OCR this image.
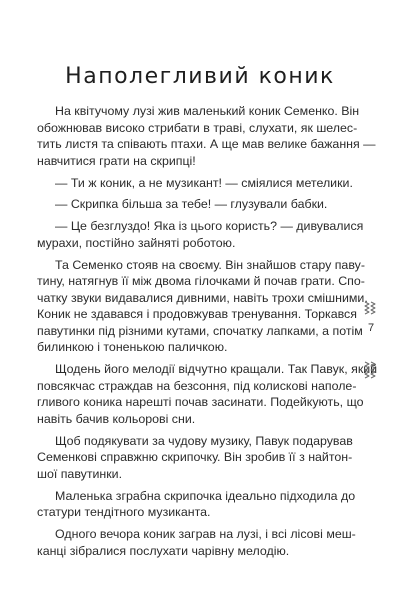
Наполегливий коник

На квітучому лузі жив маленький коник Семенко. Він
обожнював високо стрибати в траві, слухати, як шелес-
тить листя та співають птахи. А ще мав велике бажання —
навчитися грати на скрипці!

— Ти ж коник, а не музикант! — сміялися метелики.

— Скрипка більша за тебе! — глузували бабки.

— Це безглуздо! Яка із цього користь? — дивувалися
мурахи, постійно зайняті роботою.

Та Семенко стояв на своєму. Він знайшов стару паву-
тину, натягнув її між двома гілочками й почав грати. Спо-
чатку звуки видавалися дивними, навіть трохи смішними.
Коник не здавався і продовжував тренування. Торкався
павутинки під різними кутами, спочатку лапками, а потім
билинкою і тоненькою паличкою.

Щодень його мелодії відчутно кращали. Так Павук, який
повсякчас страждав на безсоння, під колискові наполе-
гливого коника нарешті почав засинати. Подейкують, що
навіть бачив кольорові сни.

Щоб подякувати за чудову музику, Павук подарував
Семенкові справжню скрипочку. Він зробив її з найтон-
шої павутинки.

Маленька зграбна скрипочка ідеально підходила до
статури тендітного музиканта.

Одного вечора коник заграв на лузі, і всі лісові меш-
канці зібралися послухати чарівну мелодію.

7
